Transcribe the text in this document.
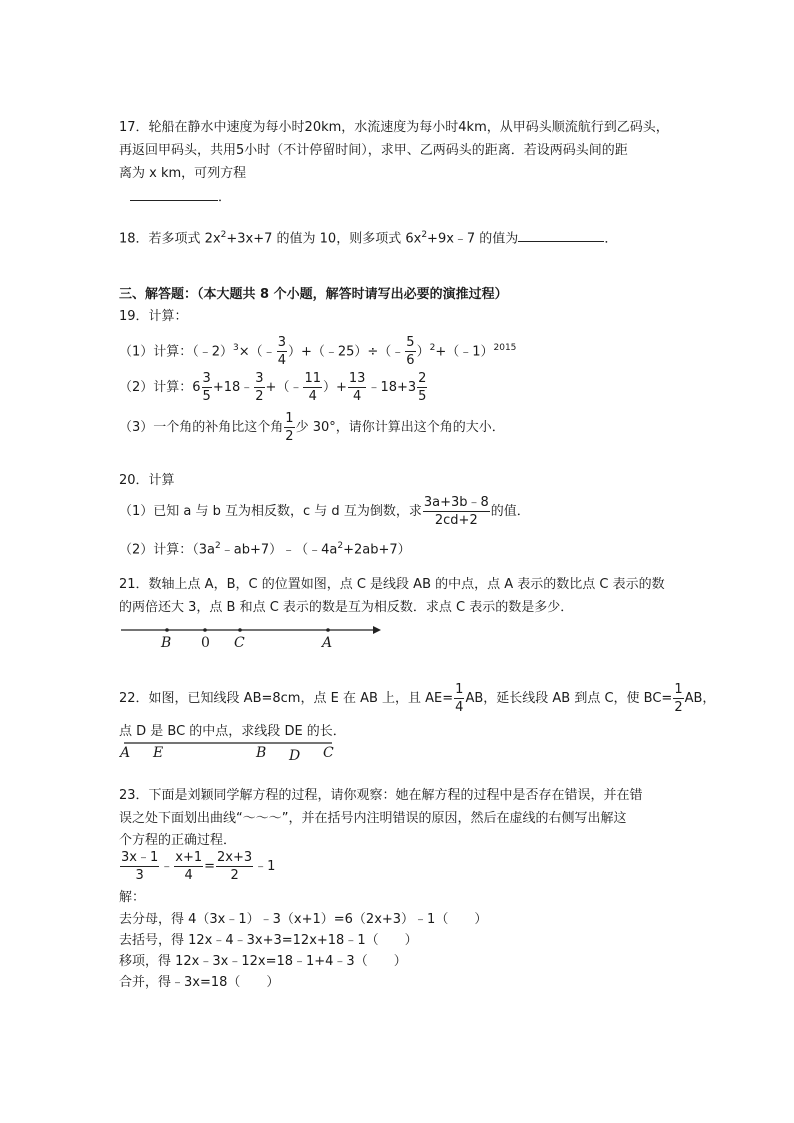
17．轮船在静水中速度为每小时20km，水流速度为每小时4km，从甲码头顺流航行到乙码头，
再返回甲码头，共用5小时（不计停留时间），求甲、乙两码头的距离．若设两码头间的距
离为 x km，可列方程
．
18．若多项式 $2x^2+3x+7$ 的值为 10，则多项式 $6x^2+9x﹣7$ 的值为	．
三、解答题：（本大题共 8 个小题，解答时请写出必要的演推过程）
19．计算：
（1）计算：（﹣2）$^3$×（﹣ $\frac{3}{4}$ ）+（﹣25）÷（﹣ $\frac{5}{6}$ ）$^2$+（﹣1）$^{2015}$
（2）计算：$6 \frac{3}{5}$ +18﹣ $\frac{3}{2}$ +（﹣ $\frac{11}{4}$ ）+ $\frac{13}{4}$ ﹣18+3 $\frac{2}{5}$
（3）一个角的补角比这个角 $\frac{1}{2}$ 少 30°，请你计算出这个角的大小．
20．计算
（1）已知 a 与 b 互为相反数，c 与 d 互为倒数，求 $\frac{3a+3b﹣8}{2cd+2}$ 的值．
（2）计算：$(3a^2﹣ab+7)﹣(﹣4a^2+2ab+7)$
21．数轴上点 A，B，C 的位置如图，点 C 是线段 AB 的中点，点 A 表示的数比点 C 表示的数
的两倍还大 3，点 B 和点 C 表示的数是互为相反数．求点 C 表示的数是多少．
B 0 C	A
22．如图，已知线段 AB=8cm，点 E 在 AB 上，且 $AE= \frac{1}{4}$ AB，延长线段 AB 到点 C，使 $BC= \frac{1}{2}$ AB，
点 D 是 BC 的中点，求线段 DE 的长．
A E	B D C
23．下面是刘颖同学解方程的过程，请你观察：她在解方程的过程中是否存在错误，并在错
误之处下面划出曲线“～～～”，并在括号内注明错误的原因，然后在虚线的右侧写出解这
个方程的正确过程．
$\frac{3x﹣1}{3}$ ﹣ $\frac{x+1}{4} = \frac{2x+3}{2}$ ﹣1
解：
去分母，得 4（3x﹣1）﹣3（x+1）=6（2x+3）﹣1（　　）
去括号，得 12x﹣4﹣3x+3=12x+18﹣1（　　）
移项，得 12x﹣3x﹣12x=18﹣1+4﹣3（　　）
合并，得﹣3x=18（　　）
